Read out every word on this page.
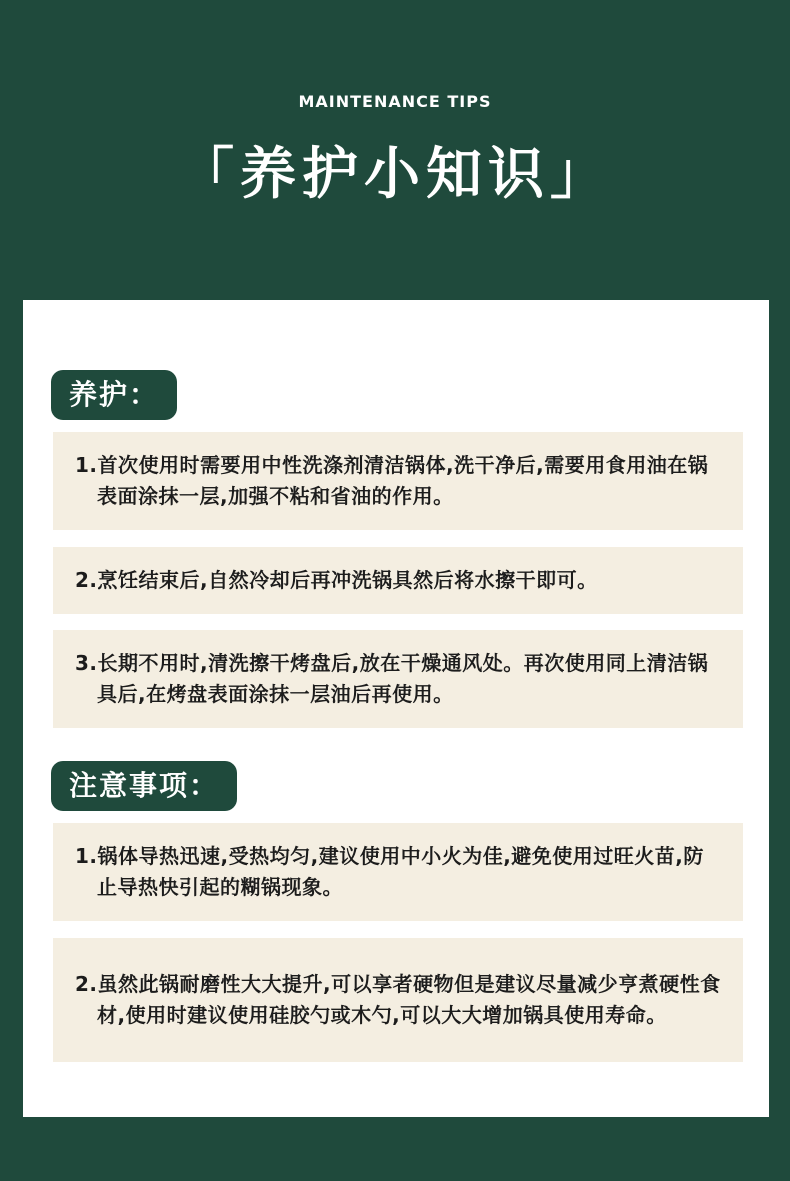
MAINTENANCE TIPS
「养护小知识」
养护：
1.首次使用时需要用中性洗涤剂清洁锅体,洗干净后,需要用食用油在锅表面涂抹一层,加强不粘和省油的作用。
2.烹饪结束后,自然冷却后再冲洗锅具然后将水擦干即可。
3.长期不用时,清洗擦干烤盘后,放在干燥通风处。再次使用同上清洁锅具后,在烤盘表面涂抹一层油后再使用。
注意事项：
1.锅体导热迅速,受热均匀,建议使用中小火为佳,避免使用过旺火苗,防止导热快引起的糊锅现象。
2.虽然此锅耐磨性大大提升,可以享者硬物但是建议尽量减少亨煮硬性食材,使用时建议使用硅胶勺或木勺,可以大大增加锅具使用寿命。
